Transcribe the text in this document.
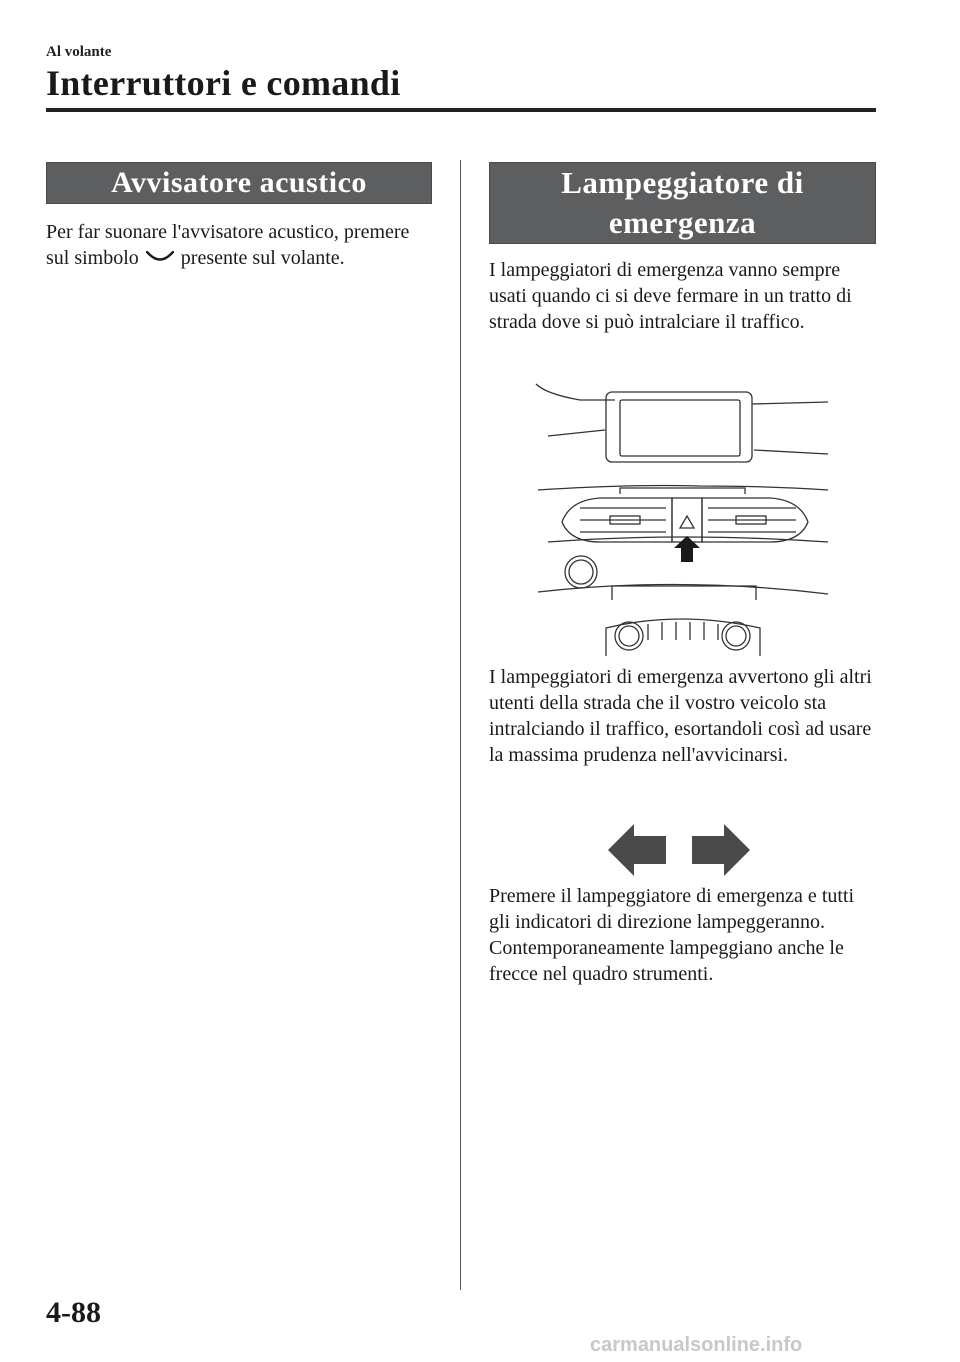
Al volante
Interruttori e comandi
Avvisatore acustico
Per far suonare l'avvisatore acustico, premere sul simbolo presente sul volante.
Lampeggiatore di
emergenza
I lampeggiatori di emergenza vanno sempre usati quando ci si deve fermare in un tratto di strada dove si può intralciare il traffico.
I lampeggiatori di emergenza avvertono gli altri utenti della strada che il vostro veicolo sta intralciando il traffico, esortandoli così ad usare la massima prudenza nell'avvicinarsi.
Premere il lampeggiatore di emergenza e tutti gli indicatori di direzione lampeggeranno. Contemporaneamente lampeggiano anche le frecce nel quadro strumenti.
4-88
carmanualsonline.info
